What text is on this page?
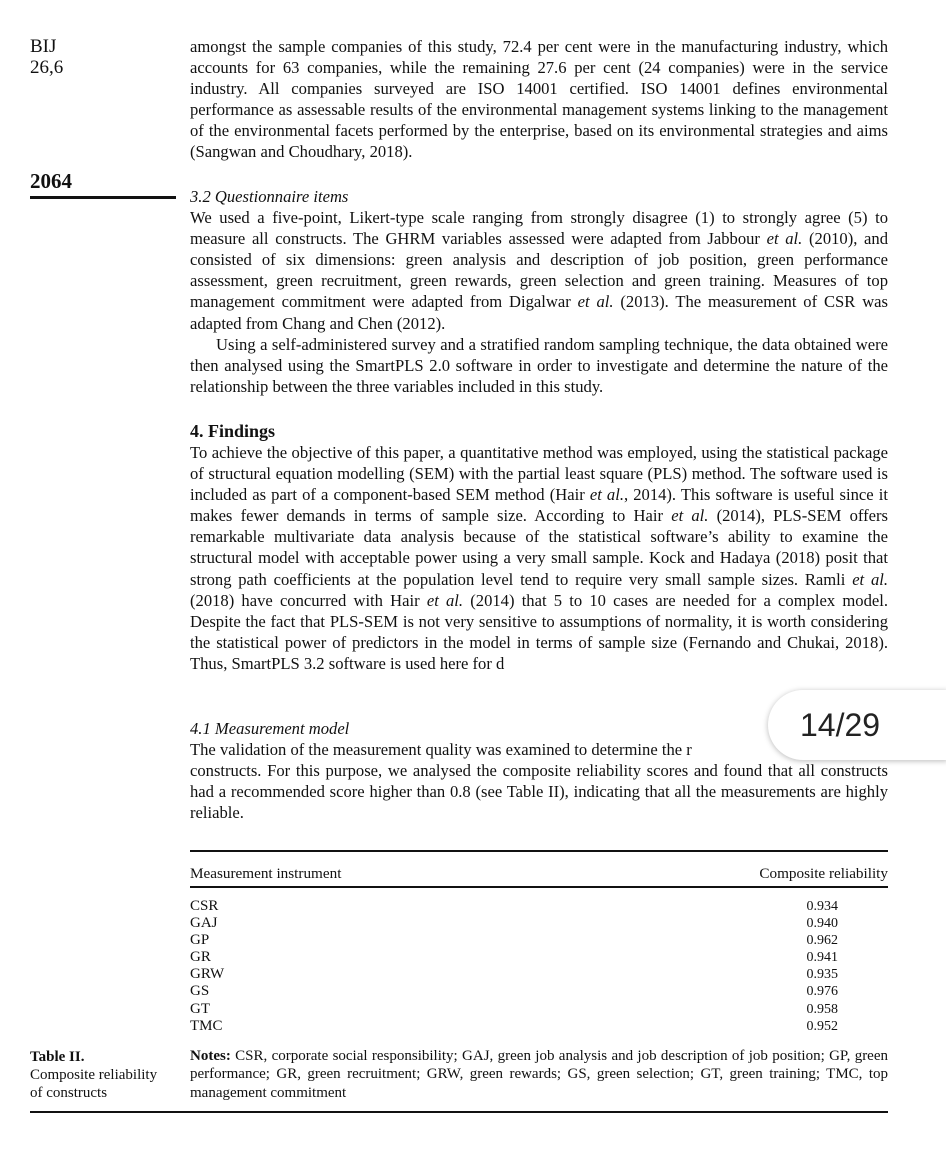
BIJ
26,6
2064

amongst the sample companies of this study, 72.4 per cent were in the manufacturing industry, which accounts for 63 companies, while the remaining 27.6 per cent (24 companies) were in the service industry. All companies surveyed are ISO 14001 certified. ISO 14001 defines environmental performance as assessable results of the environmental management systems linking to the management of the environmental facets performed by the enterprise, based on its environmental strategies and aims (Sangwan and Choudhary, 2018).

3.2 Questionnaire items

We used a five-point, Likert-type scale ranging from strongly disagree (1) to strongly agree (5) to measure all constructs. The GHRM variables assessed were adapted from Jabbour et al. (2010), and consisted of six dimensions: green analysis and description of job position, green performance assessment, green recruitment, green rewards, green selection and green training. Measures of top management commitment were adapted from Digalwar et al. (2013). The measurement of CSR was adapted from Chang and Chen (2012).

Using a self-administered survey and a stratified random sampling technique, the data obtained were then analysed using the SmartPLS 2.0 software in order to investigate and determine the nature of the relationship between the three variables included in this study.

4. Findings

To achieve the objective of this paper, a quantitative method was employed, using the statistical package of structural equation modelling (SEM) with the partial least square (PLS) method. The software used is included as part of a component-based SEM method (Hair et al., 2014). This software is useful since it makes fewer demands in terms of sample size. According to Hair et al. (2014), PLS-SEM offers remarkable multivariate data analysis because of the statistical software’s ability to examine the structural model with acceptable power using a very small sample. Kock and Hadaya (2018) posit that strong path coefficients at the population level tend to require very small sample sizes. Ramli et al. (2018) have concurred with Hair et al. (2014) that 5 to 10 cases are needed for a complex model. Despite the fact that PLS-SEM is not very sensitive to assumptions of normality, it is worth considering the statistical power of predictors in the model in terms of sample size (Fernando and Chukai, 2018). Thus, SmartPLS 3.2 software is used here for d

4.1 Measurement model
The validation of the measurement quality was examined to determine the r

constructs. For this purpose, we analysed the composite reliability scores and found that all constructs had a recommended score higher than 0.8 (see Table II), indicating that all the measurements are highly reliable.

14/29
Measurement instrument	Composite reliability
CSR	0.934
GAJ	0.940
GP	0.962
GR	0.941
GRW	0.935
GS	0.976
GT	0.958
TMC	0.952
Notes: CSR, corporate social responsibility; GAJ, green job analysis and job description of job position; GP, green performance; GR, green recruitment; GRW, green rewards; GS, green selection; GT, green training; TMC, top management commitment
Table II.
Composite reliability
of constructs
